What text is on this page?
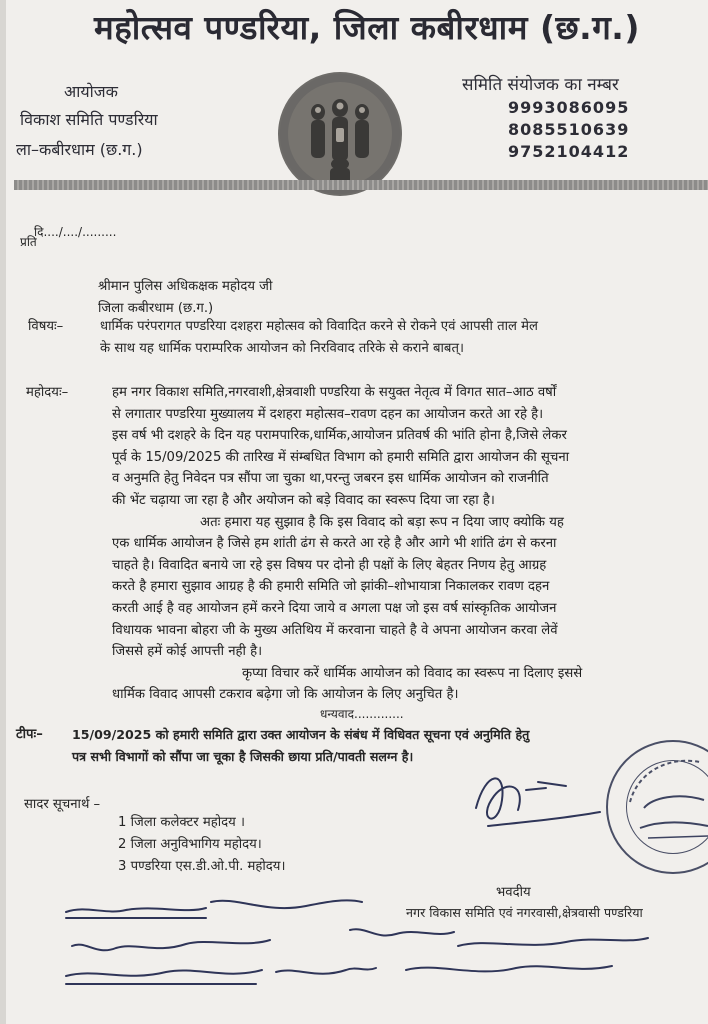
महोत्सव पण्डरिया, जिला कबीरधाम (छ.ग.)
आयोजक
विकाश समिति पण्डरिया
ला–कबीरधाम (छ.ग.)
समिति संयोजक का नम्बर
9993086095
8085510639
9752104412
दि..../..../.........
प्रति
श्रीमान पुलिस अधिकक्षक महोदय जी
जिला कबीरधाम (छ.ग.)
विषयः–	धार्मिक परंपरागत पण्डरिया दशहरा महोत्सव को विवादित करने से रोकने एवं आपसी ताल मेल
के साथ यह धार्मिक पराम्परिक आयोजन को निरविवाद तरिके से कराने बाबत्।
महोदयः–	हम नगर विकाश समिति,नगरवाशी,क्षेत्रवाशी पण्डरिया के सयुक्त नेतृत्व में विगत सात–आठ वर्षों

से लगातार पण्डरिया मुख्यालय में दशहरा महोत्सव–रावण दहन का आयोजन करते आ रहे है।

इस वर्ष भी दशहरे के दिन यह परामपारिक,धार्मिक,आयोजन प्रतिवर्ष की भांति होना है,जिसे लेकर

पूर्व के 15/09/2025 की तारिख में संम्बधित विभाग को हमारी समिति द्वारा आयोजन की सूचना

व अनुमति हेतु निवेदन पत्र सौंपा जा चुका था,परन्तु जबरन इस धार्मिक आयोजन को राजनीति

की भेंट चढ़ाया जा रहा है और अयोजन को बड़े विवाद का स्वरूप दिया जा रहा है।

अतः हमारा यह सुझाव है कि इस विवाद को बड़ा रूप न दिया जाए क्योकि यह

एक धार्मिक आयोजन है जिसे हम शांती ढंग से करते आ रहे है और आगे भी शांति ढंग से करना

चाहते है। विवादित बनाये जा रहे इस विषय पर दोनो ही पक्षों के लिए बेहतर निणय हेतु आग्रह

करते है हमारा सुझाव आग्रह है की हमारी समिति जो झांकी–शोभायात्रा निकालकर रावण दहन

करती आई है वह आयोजन हमें करने दिया जाये व अगला पक्ष जो इस वर्ष सांस्कृतिक आयोजन

विधायक भावना बोहरा जी के मुख्य अतिथिय में करवाना चाहते है वे अपना आयोजन करवा लेवें

जिससे हमें कोई आपत्ती नही है।

कृप्या विचार करें धार्मिक आयोजन को विवाद का स्वरूप ना दिलाए इससे

धार्मिक विवाद आपसी टकराव बढ़ेगा जो कि आयोजन के लिए अनुचित है।

धन्यवाद.............
टीपः– 15/09/2025 को हमारी समिति द्वारा उक्त आयोजन के संबंध में विधिवत सूचना एवं अनुमिति हेतु
पत्र सभी विभागों को सौंपा जा चूका है जिसकी छाया प्रति/पावती सलग्न है।
सादर सूचनार्थ –
1 जिला कलेक्टर महोदय ।
2 जिला अनुविभागिय महोदय।
3 पण्डरिया एस.डी.ओ.पी. महोदय।
भवदीय
नगर विकास समिति एवं नगरवासी,क्षेत्रवासी पण्डरिया
